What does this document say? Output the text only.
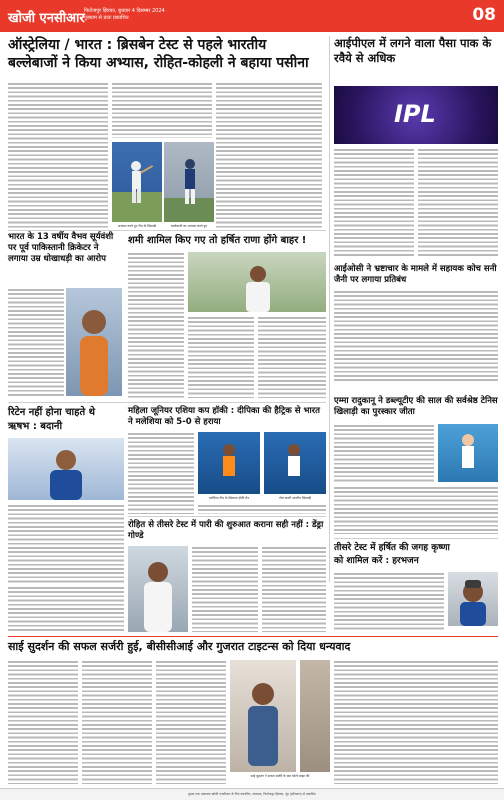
खोजी एनसीआर फिरोजपुर झिरका, बुधवार 4 दिसम्बर 2024
गुरुग्राम से प्रातः प्रकाशित	08
ऑस्ट्रेलिया / भारत : ब्रिसबेन टेस्ट से पहले भारतीय
बल्लेबाजों ने किया अभ्यास, रोहित-कोहली ने बहाया पसीना
अभ्यास करते हुए टीम के खिलाड़ी	बल्लेबाजी का अभ्यास करते हुए
आईपीएल में लगने वाला पैसा पाक के रवैये से अधिक
IPL
भारत के 13 वर्षीय वैभव सूर्यवंशी पर पूर्व पाकिस्तानी क्रिकेटर ने लगाया उम्र धोखाधड़ी का आरोप
शमी शामिल किए गए तो हर्षित राणा होंगे बाहर !
आईओसी ने भ्रष्टाचार के मामले में सहायक कोच सनी जैनी पर लगाया प्रतिबंध
रिटेन नहीं होना चाहते थे
ऋषभ : बदानी
महिला जूनियर एशिया कप हॉकी : दीपिका की हैट्रिक से भारत ने मलेशिया को 5-0 से हराया
मलेशिया टीम के खिलाफ हॉकी मैच	गोल करती भारतीय खिलाड़ी
एम्मा रादुकानू ने डब्ल्यूटीए की साल की सर्वश्रेष्ठ टेनिस खिलाड़ी का पुरस्कार जीता
रोहित से तीसरे टेस्ट में पारी की शुरुआत कराना सही नहीं : डेंड्रा गोण्डे
तीसरे टेस्ट में हर्षित की जगह कृष्णा
को शामिल करें : हरभजन
साई सुदर्शन की सफल सर्जरी हुई, बीसीसीआई और गुजरात टाइटन्स को दिया धन्यवाद
साई सुदर्शन ने सफल सर्जरी के बाद फोटो साझा की
मुद्रक तथा प्रकाशक खोजी एनसीआर के लिए प्रकाशित, संपादक, फिरोजपुर झिरका, नूंह (हरियाणा) से प्रकाशित
